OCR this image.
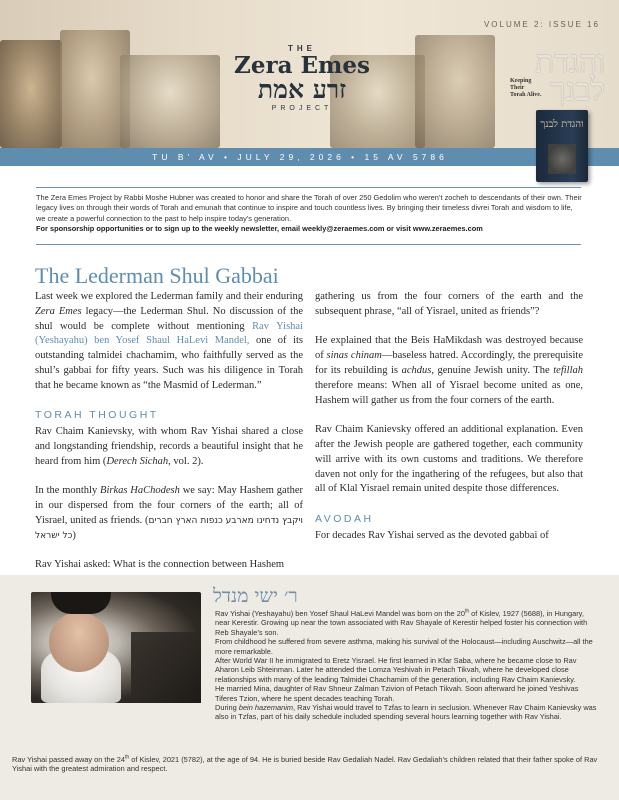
VOLUME 2: ISSUE 16
THE
Zera Emes
זרע אמת
PROJECT
והגדת לבנך
Keeping
Their
Torah Alive.
TU B’ AV • JULY 29, 2026 • 15 AV 5786
והגדת לבנך
The Zera Emes Project by Rabbi Moshe Hubner was created to honor and share the Torah of over 250 Gedolim who weren’t zocheh to descendants of their own. Their legacy lives on through their words of Torah and emunah that continue to inspire and touch countless lives. By bringing their timeless divrei Torah and wisdom to life, we create a powerful connection to the past to help inspire today’s generation.
For sponsorship opportunities or to sign up to the weekly newsletter, email weekly@zeraemes.com or visit www.zeraemes.com
The Lederman Shul Gabbai

Last week we explored the Lederman family and their enduring Zera Emes legacy—the Lederman Shul. No discussion of the shul would be complete without mentioning Rav Yishai (Yeshayahu) ben Yosef Shaul HaLevi Mandel, one of its outstanding talmidei chachamim, who faithfully served as the shul’s gabbai for fifty years. Such was his diligence in Torah that he became known as “the Masmid of Lederman.”

TORAH THOUGHT

Rav Chaim Kanievsky, with whom Rav Yishai shared a close and longstanding friendship, records a beautiful insight that he heard from him (Derech Sichah, vol. 2).

In the monthly Birkas HaChodesh we say: May Hashem gather in our dispersed from the four corners of the earth; all of Yisrael, united as friends. (ויקבץ נדחינו מארבע כנפות הארץ חברים כל ישראל)

Rav Yishai asked: What is the connection between Hashem

gathering us from the four corners of the earth and the subsequent phrase, “all of Yisrael, united as friends”?

He explained that the Beis HaMikdash was destroyed because of sinas chinam—baseless hatred. Accordingly, the prerequisite for its rebuilding is achdus, genuine Jewish unity. The tefillah therefore means: When all of Yisrael become united as one, Hashem will gather us from the four corners of the earth.

Rav Chaim Kanievsky offered an additional explanation. Even after the Jewish people are gathered together, each community will arrive with its own customs and traditions. We therefore daven not only for the ingathering of the refugees, but also that all of Klal Yisrael remain united despite those differences.

AVODAH

For decades Rav Yishai served as the devoted gabbai of

ר׳ ישי מנדל

Rav Yishai (Yeshayahu) ben Yosef Shaul HaLevi Mandel was born on the 20th of Kislev, 1927 (5688), in Hungary, near Kerestir. Growing up near the town associated with Rav Shayale of Kerestir helped foster his connection with Reb Shayale’s son.

From childhood he suffered from severe asthma, making his survival of the Holocaust—including Auschwitz—all the more remarkable.

After World War II he immigrated to Eretz Yisrael. He first learned in Kfar Saba, where he became close to Rav Aharon Leib Shteinman. Later he attended the Lomza Yeshivah in Petach Tikvah, where he developed close relationships with many of the leading Talmidei Chachamim of the generation, including Rav Chaim Kanievsky.

He married Mina, daughter of Rav Shneur Zalman Tzivion of Petach Tikvah. Soon afterward he joined Yeshivas Tiferes Tzion, where he spent decades teaching Torah.

During bein hazemanim, Rav Yishai would travel to Tzfas to learn in seclusion. Whenever Rav Chaim Kanievsky was also in Tzfas, part of his daily schedule included spending several hours learning together with Rav Yishai.

Rav Yishai passed away on the 24th of Kislev, 2021 (5782), at the age of 94. He is buried beside Rav Gedaliah Nadel. Rav Gedaliah’s children related that their father spoke of Rav Yishai with the greatest admiration and respect.
